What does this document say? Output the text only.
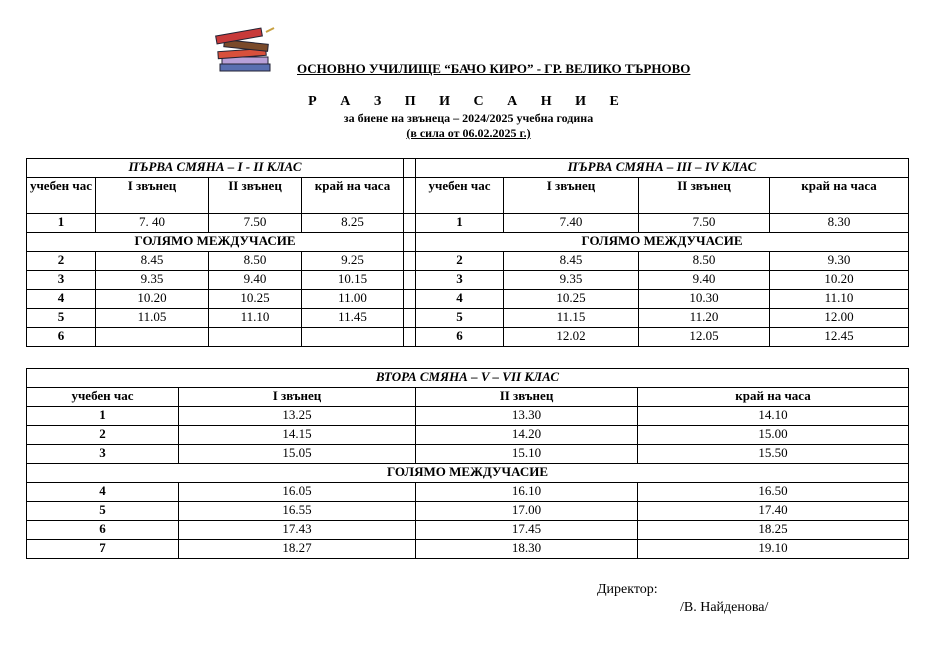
ОСНОВНО УЧИЛИЩЕ “БАЧО КИРО” - ГР. ВЕЛИКО ТЪРНОВО
Р А З П И С А Н И Е
за биене на звънеца – 2024/2025 учебна година
(в сила от 06.02.2025 г.)
ПЪРВА СМЯНА – I - II КЛАС					ПЪРВА СМЯНА – III – IV КЛАС			
учебен час	I звънец	II звънец	край на часа		учебен час	I звънец	II звънец	край на часа
1	7. 40	7.50	8.25		1	7.40	7.50	8.30
ГОЛЯМО МЕЖДУЧАСИЕ					ГОЛЯМО МЕЖДУЧАСИЕ			
2	8.45	8.50	9.25		2	8.45	8.50	9.30
3	9.35	9.40	10.15		3	9.35	9.40	10.20
4	10.20	10.25	11.00		4	10.25	10.30	11.10
5	11.05	11.10	11.45		5	11.15	11.20	12.00
6					6	12.02	12.05	12.45
ВТОРА СМЯНА – V – VII КЛАС			
учебен час	I звънец	II звънец	край на часа
1	13.25	13.30	14.10
2	14.15	14.20	15.00
3	15.05	15.10	15.50
ГОЛЯМО МЕЖДУЧАСИЕ			
4	16.05	16.10	16.50
5	16.55	17.00	17.40
6	17.43	17.45	18.25
7	18.27	18.30	19.10
Директор:
/В. Найденова/
